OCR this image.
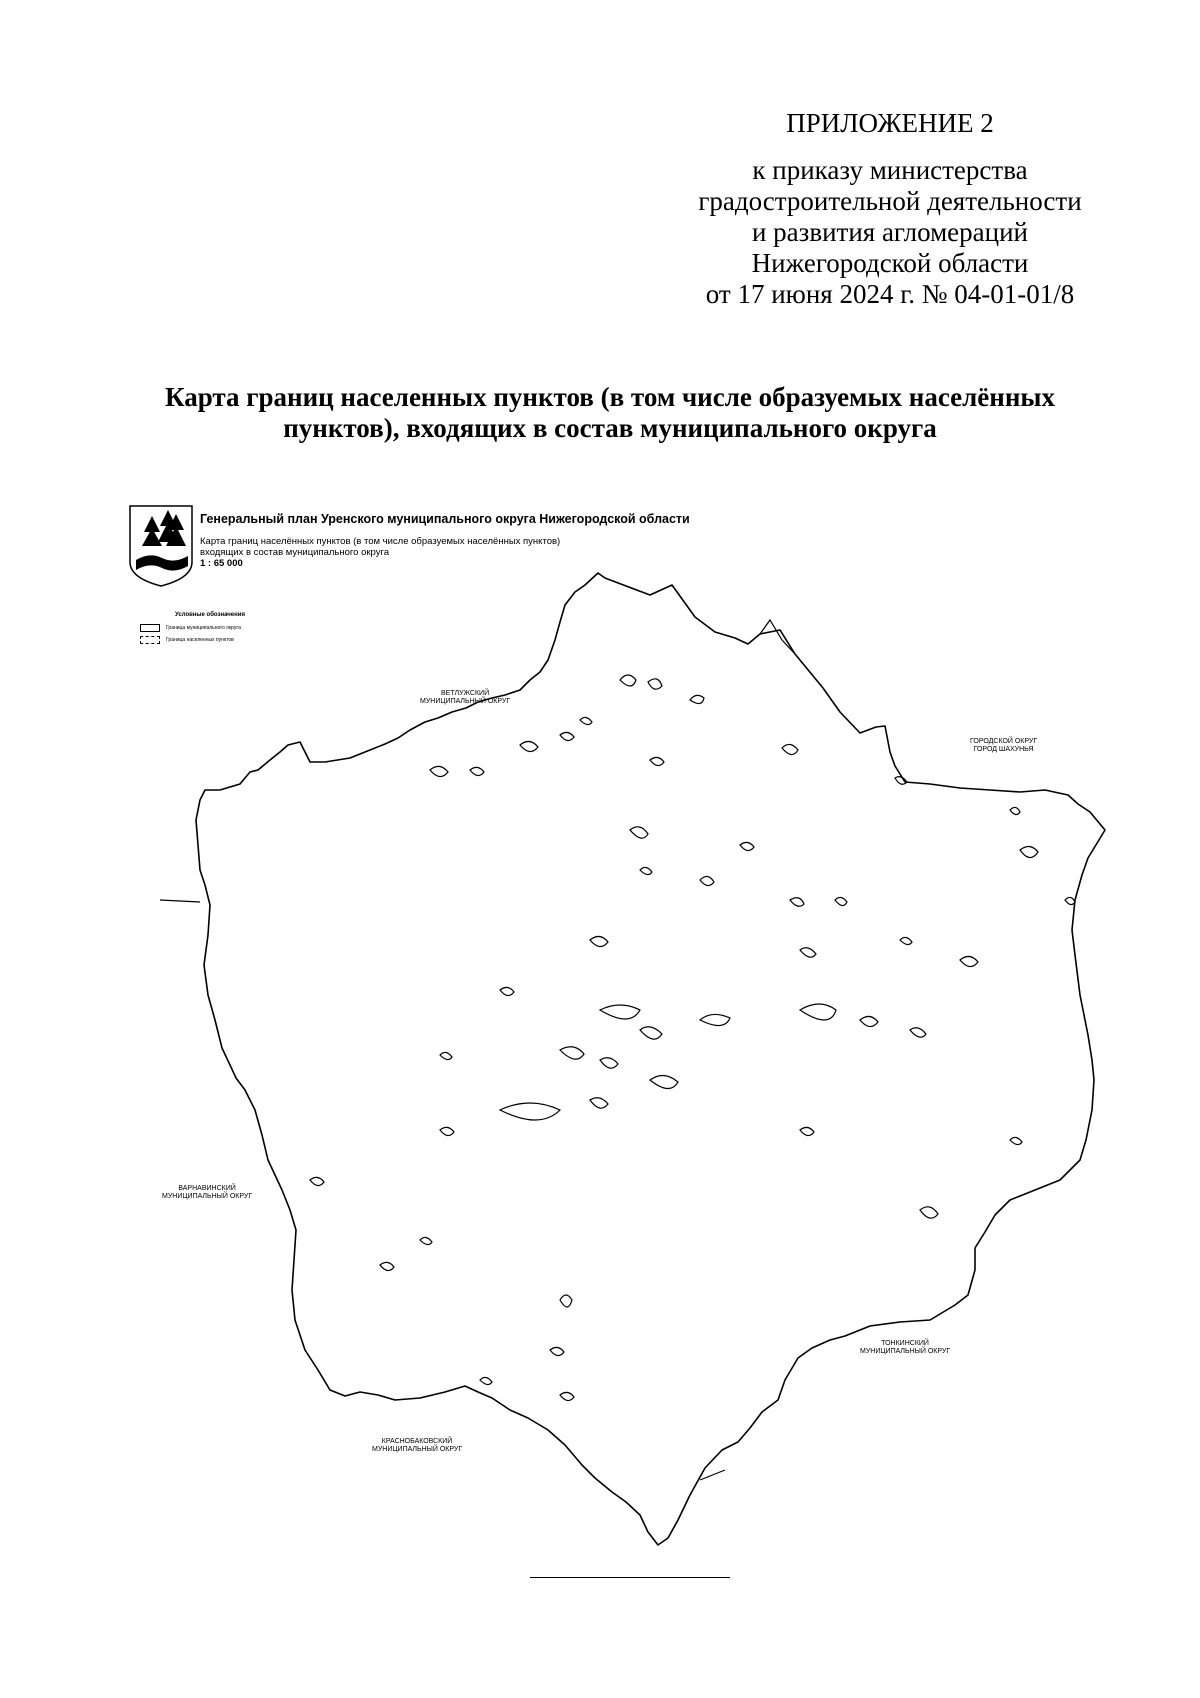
ПРИЛОЖЕНИЕ 2
к приказу министерства
градостроительной деятельности
и развития агломераций
Нижегородской области
от 17 июня 2024 г. № 04-01-01/8
Карта границ населенных пунктов (в том числе образуемых населённых
пунктов), входящих в состав муниципального округа
Генеральный план Уренского муниципального округа Нижегородской области
Карта границ населённых пунктов (в том числе образуемых населённых пунктов)
входящих в состав муниципального округа
1 : 65 000
Условные обозначения
Граница муниципального округа
Граница населенных пунктов
ВЕТЛУЖСКИЙ
МУНИЦИПАЛЬНЫЙ ОКРУГ
ГОРОДСКОЙ ОКРУГ
ГОРОД ШАХУНЬЯ
ВАРНАВИНСКИЙ
МУНИЦИПАЛЬНЫЙ ОКРУГ
ТОНКИНСКИЙ
МУНИЦИПАЛЬНЫЙ ОКРУГ
КРАСНОБАКОВСКИЙ
МУНИЦИПАЛЬНЫЙ ОКРУГ
